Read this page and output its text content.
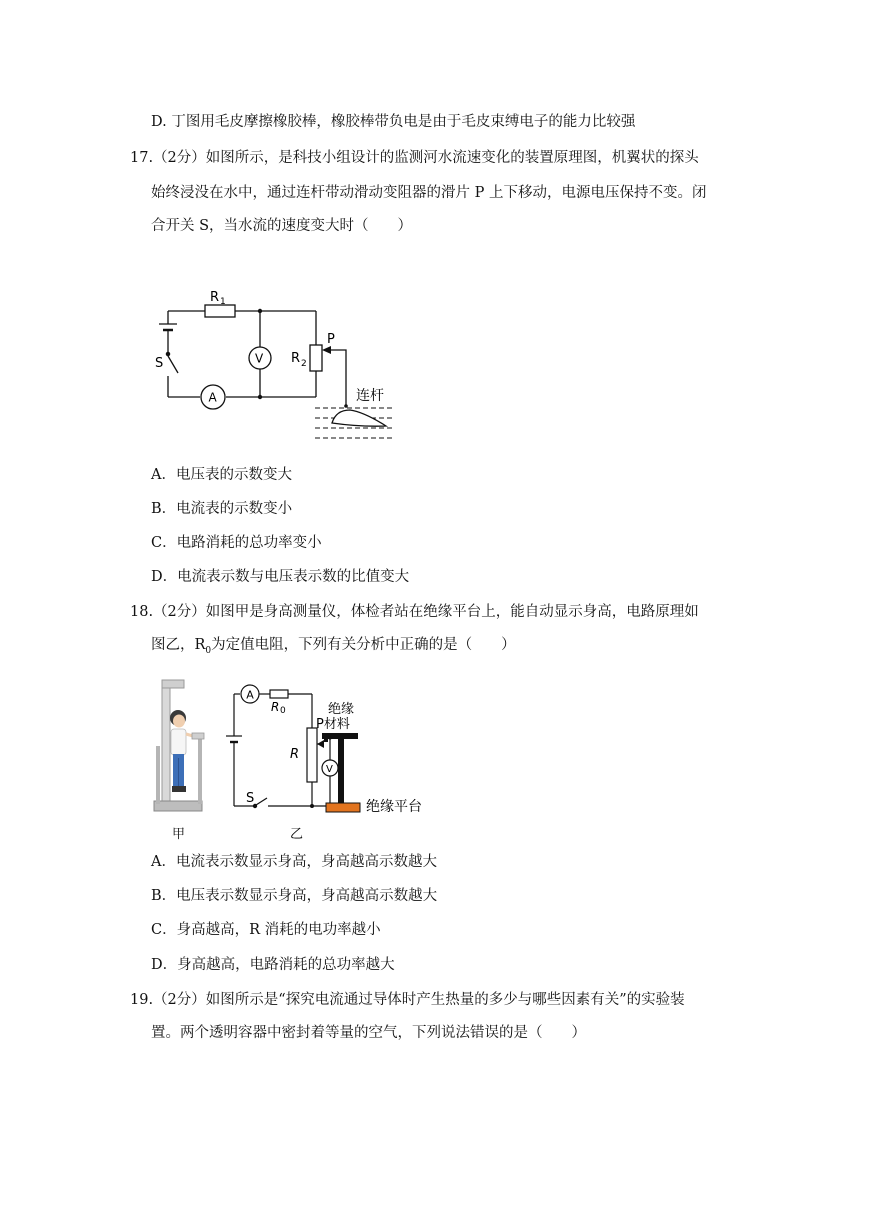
D. 丁图用毛皮摩擦橡胶棒，橡胶棒带负电是由于毛皮束缚电子的能力比较强
17.（2分）如图所示，是科技小组设计的监测河水流速变化的装置原理图，机翼状的探头
始终浸没在水中，通过连杆带动滑动变阻器的滑片 P 上下移动，电源电压保持不变。闭
合开关 S，当水流的速度变大时（　　）
R 1
S	V
A
R 2
P
连杆
A．电压表的示数变大
B．电流表的示数变小
C．电路消耗的总功率变小
D．电流表示数与电压表示数的比值变大
18.（2分）如图甲是身高测量仪，体检者站在绝缘平台上，能自动显示身高，电路原理如
图乙，$R_0$为定值电阻，下列有关分析中正确的是（　　）
甲
A
R 0
R
V
S
绝缘
P材料
绝缘平台
乙
A．电流表示数显示身高，身高越高示数越大
B．电压表示数显示身高，身高越高示数越大
C．身高越高，R 消耗的电功率越小
D．身高越高，电路消耗的总功率越大
19.（2分）如图所示是“探究电流通过导体时产生热量的多少与哪些因素有关”的实验装
置。两个透明容器中密封着等量的空气，下列说法错误的是（　　）
